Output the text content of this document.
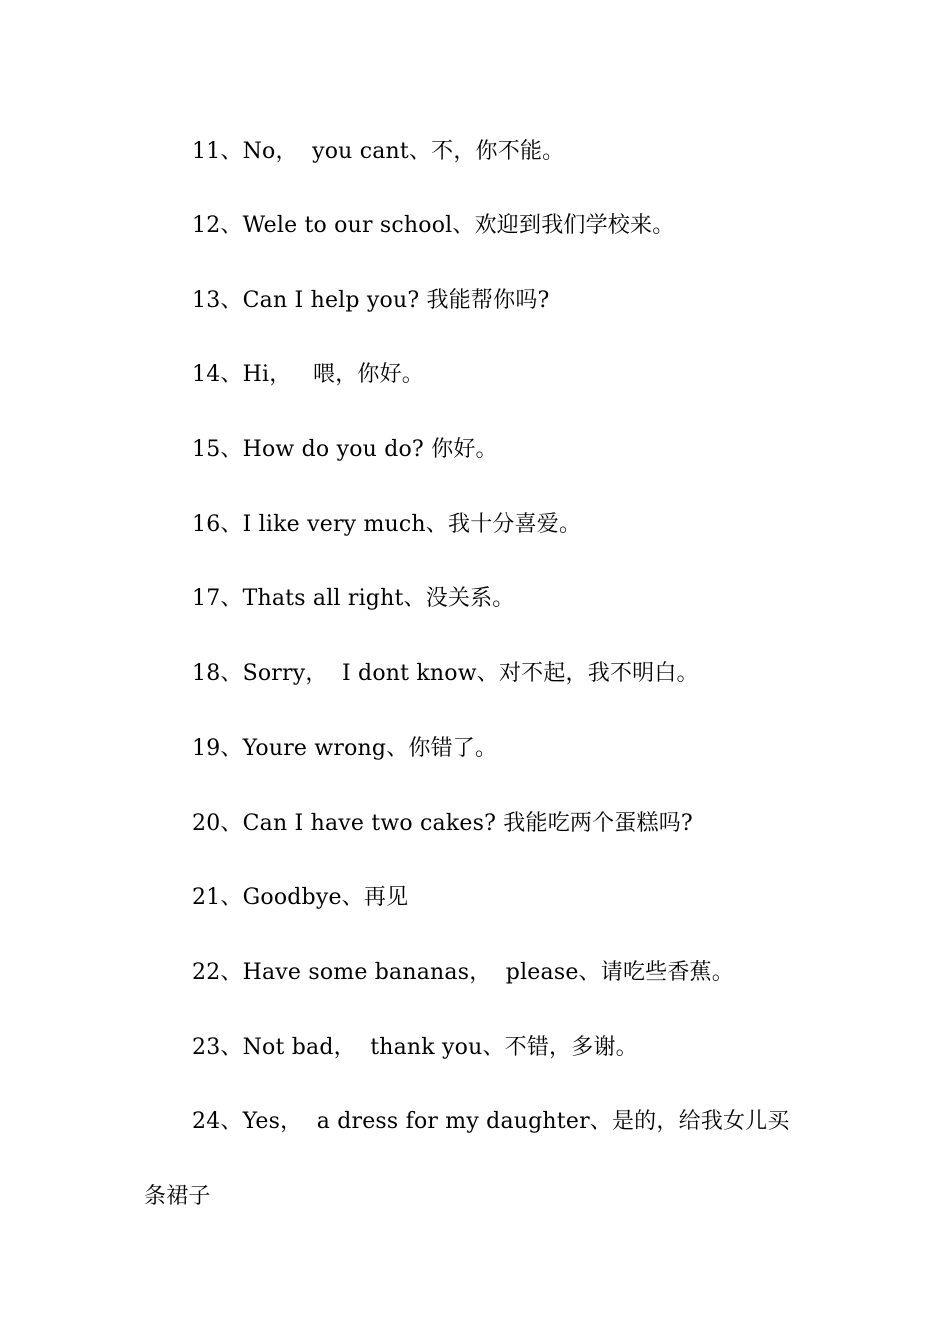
11、No，  you cant、不，你不能。
12、Wele to our school、欢迎到我们学校来。
13、Can I help you? 我能帮你吗?
14、Hi，   喂，你好。
15、How do you do? 你好。
16、I like very much、我十分喜爱。
17、Thats all right、没关系。
18、Sorry，  I dont know、对不起，我不明白。
19、Youre wrong、你错了。
20、Can I have two cakes? 我能吃两个蛋糕吗?
21、Goodbye、再见
22、Have some bananas，  please、请吃些香蕉。
23、Not bad，  thank you、不错，多谢。
24、Yes，  a dress for my daughter、是的，给我女儿买
条裙子
